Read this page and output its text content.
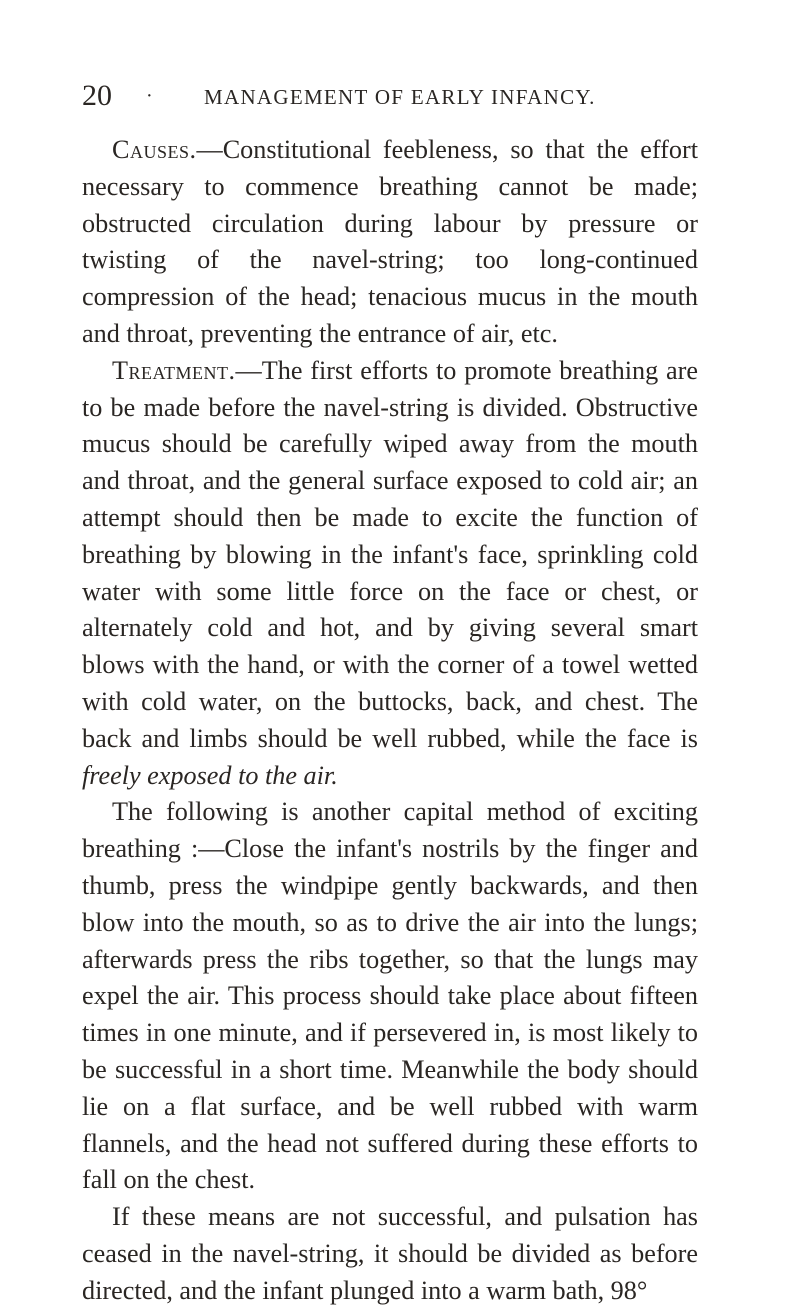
20 · MANAGEMENT OF EARLY INFANCY.

Causes.—Constitutional feebleness, so that the effort necessary to commence breathing cannot be made; obstructed circulation during labour by pressure or twisting of the navel-string; too long-continued compression of the head; tenacious mucus in the mouth and throat, preventing the entrance of air, etc.

Treatment.—The first efforts to promote breathing are to be made before the navel-string is divided. Obstructive mucus should be carefully wiped away from the mouth and throat, and the general surface exposed to cold air; an attempt should then be made to excite the function of breathing by blowing in the infant's face, sprinkling cold water with some little force on the face or chest, or alternately cold and hot, and by giving several smart blows with the hand, or with the corner of a towel wetted with cold water, on the buttocks, back, and chest. The back and limbs should be well rubbed, while the face is freely exposed to the air.

The following is another capital method of exciting breathing :—Close the infant's nostrils by the finger and thumb, press the windpipe gently backwards, and then blow into the mouth, so as to drive the air into the lungs; afterwards press the ribs together, so that the lungs may expel the air. This process should take place about fifteen times in one minute, and if persevered in, is most likely to be successful in a short time. Meanwhile the body should lie on a flat surface, and be well rubbed with warm flannels, and the head not suffered during these efforts to fall on the chest.

If these means are not successful, and pulsation has ceased in the navel-string, it should be divided as before directed, and the infant plunged into a warm bath, 98°
